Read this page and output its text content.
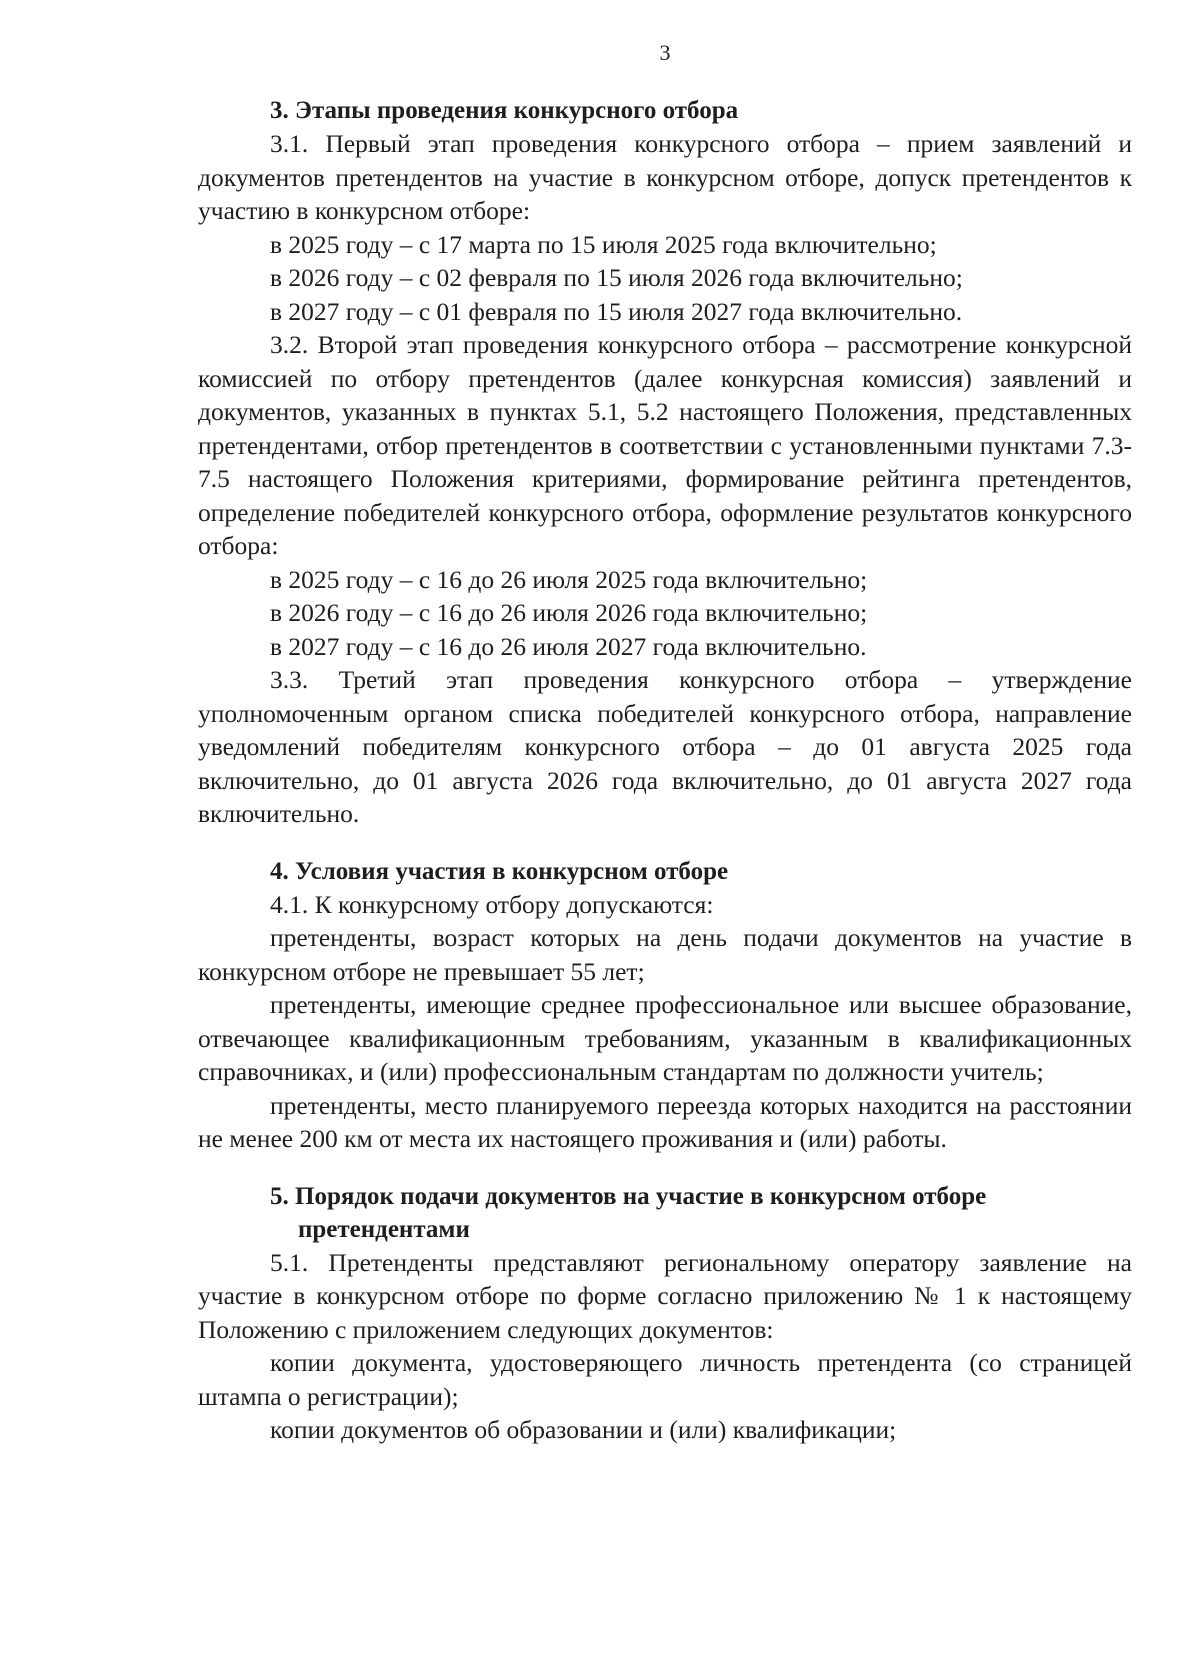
3
3. Этапы проведения конкурсного отбора

3.1. Первый этап проведения конкурсного отбора – прием заявлений и документов претендентов на участие в конкурсном отборе, допуск претендентов к участию в конкурсном отборе:

в 2025 году – с 17 марта по 15 июля 2025 года включительно;

в 2026 году – с 02 февраля по 15 июля 2026 года включительно;

в 2027 году – с 01 февраля по 15 июля 2027 года включительно.

3.2. Второй этап проведения конкурсного отбора – рассмотрение конкурсной комиссией по отбору претендентов (далее конкурсная комиссия) заявлений и документов, указанных в пунктах 5.1, 5.2 настоящего Положения, представленных претендентами, отбор претендентов в соответствии с установленными пунктами 7.3-7.5 настоящего Положения критериями, формирование рейтинга претендентов, определение победителей конкурсного отбора, оформление результатов конкурсного отбора:

в 2025 году – с 16 до 26 июля 2025 года включительно;

в 2026 году – с 16 до 26 июля 2026 года включительно;

в 2027 году – с 16 до 26 июля 2027 года включительно.

3.3. Третий этап проведения конкурсного отбора – утверждение уполномоченным органом списка победителей конкурсного отбора, направление уведомлений победителям конкурсного отбора – до 01 августа 2025 года включительно, до 01 августа 2026 года включительно, до 01 августа 2027 года включительно.

4. Условия участия в конкурсном отборе

4.1. К конкурсному отбору допускаются:

претенденты, возраст которых на день подачи документов на участие в конкурсном отборе не превышает 55 лет;

претенденты, имеющие среднее профессиональное или высшее образование, отвечающее квалификационным требованиям, указанным в квалификационных справочниках, и (или) профессиональным стандартам по должности учитель;

претенденты, место планируемого переезда которых находится на расстоянии не менее 200 км от места их настоящего проживания и (или) работы.

5. Порядок подачи документов на участие в конкурсном отборе
претендентами

5.1. Претенденты представляют региональному оператору заявление на участие в конкурсном отборе по форме согласно приложению № 1 к настоящему Положению с приложением следующих документов:

копии документа, удостоверяющего личность претендента (со страницей штампа о регистрации);

копии документов об образовании и (или) квалификации;
